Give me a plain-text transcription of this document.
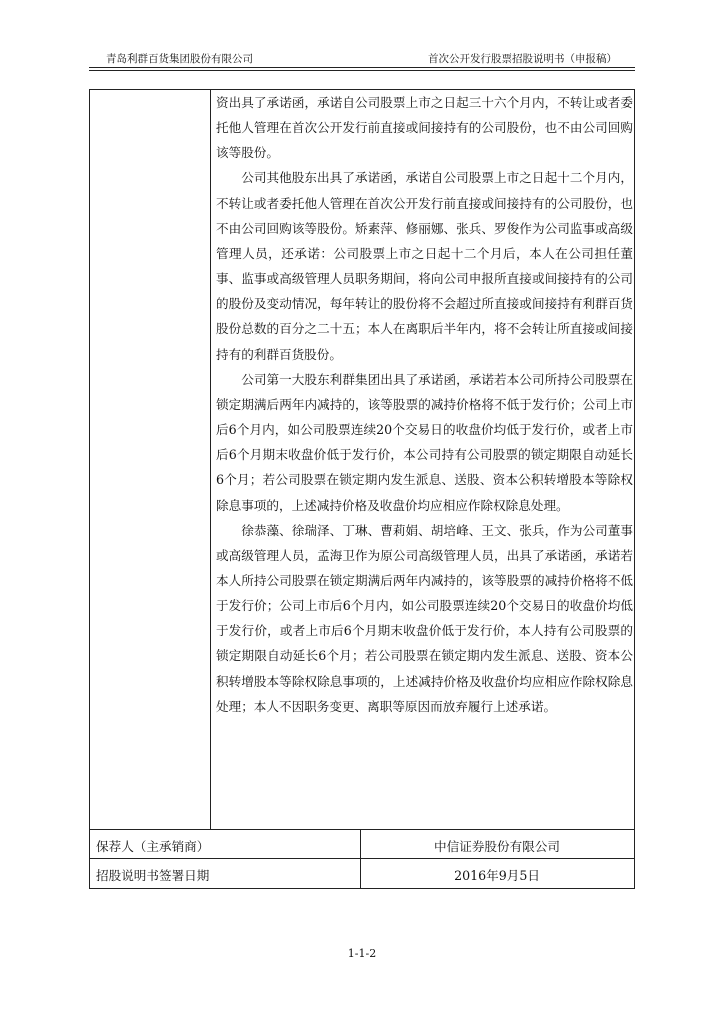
青岛利群百货集团股份有限公司	首次公开发行股票招股说明书（申报稿）

资出具了承诺函，承诺自公司股票上市之日起三十六个月内，不转让或者委托他人管理在首次公开发行前直接或间接持有的公司股份，也不由公司回购该等股份。

公司其他股东出具了承诺函，承诺自公司股票上市之日起十二个月内，不转让或者委托他人管理在首次公开发行前直接或间接持有的公司股份，也不由公司回购该等股份。矫素萍、修丽娜、张兵、罗俊作为公司监事或高级管理人员，还承诺：公司股票上市之日起十二个月后，本人在公司担任董事、监事或高级管理人员职务期间，将向公司申报所直接或间接持有的公司的股份及变动情况，每年转让的股份将不会超过所直接或间接持有利群百货股份总数的百分之二十五；本人在离职后半年内，将不会转让所直接或间接持有的利群百货股份。

公司第一大股东利群集团出具了承诺函，承诺若本公司所持公司股票在锁定期满后两年内减持的，该等股票的减持价格将不低于发行价；公司上市后6个月内，如公司股票连续20个交易日的收盘价均低于发行价，或者上市后6个月期末收盘价低于发行价，本公司持有公司股票的锁定期限自动延长6个月；若公司股票在锁定期内发生派息、送股、资本公积转增股本等除权除息事项的，上述减持价格及收盘价均应相应作除权除息处理。

徐恭藻、徐瑞泽、丁琳、曹莉娟、胡培峰、王文、张兵，作为公司董事或高级管理人员，孟海卫作为原公司高级管理人员，出具了承诺函，承诺若本人所持公司股票在锁定期满后两年内减持的，该等股票的减持价格将不低于发行价；公司上市后6个月内，如公司股票连续20个交易日的收盘价均低于发行价，或者上市后6个月期末收盘价低于发行价，本人持有公司股票的锁定期限自动延长6个月；若公司股票在锁定期内发生派息、送股、资本公积转增股本等除权除息事项的，上述减持价格及收盘价均应相应作除权除息处理；本人不因职务变更、离职等原因而放弃履行上述承诺。

保荐人（主承销商）	中信证券股份有限公司
招股说明书签署日期	2016年9月5日
1-1-2
